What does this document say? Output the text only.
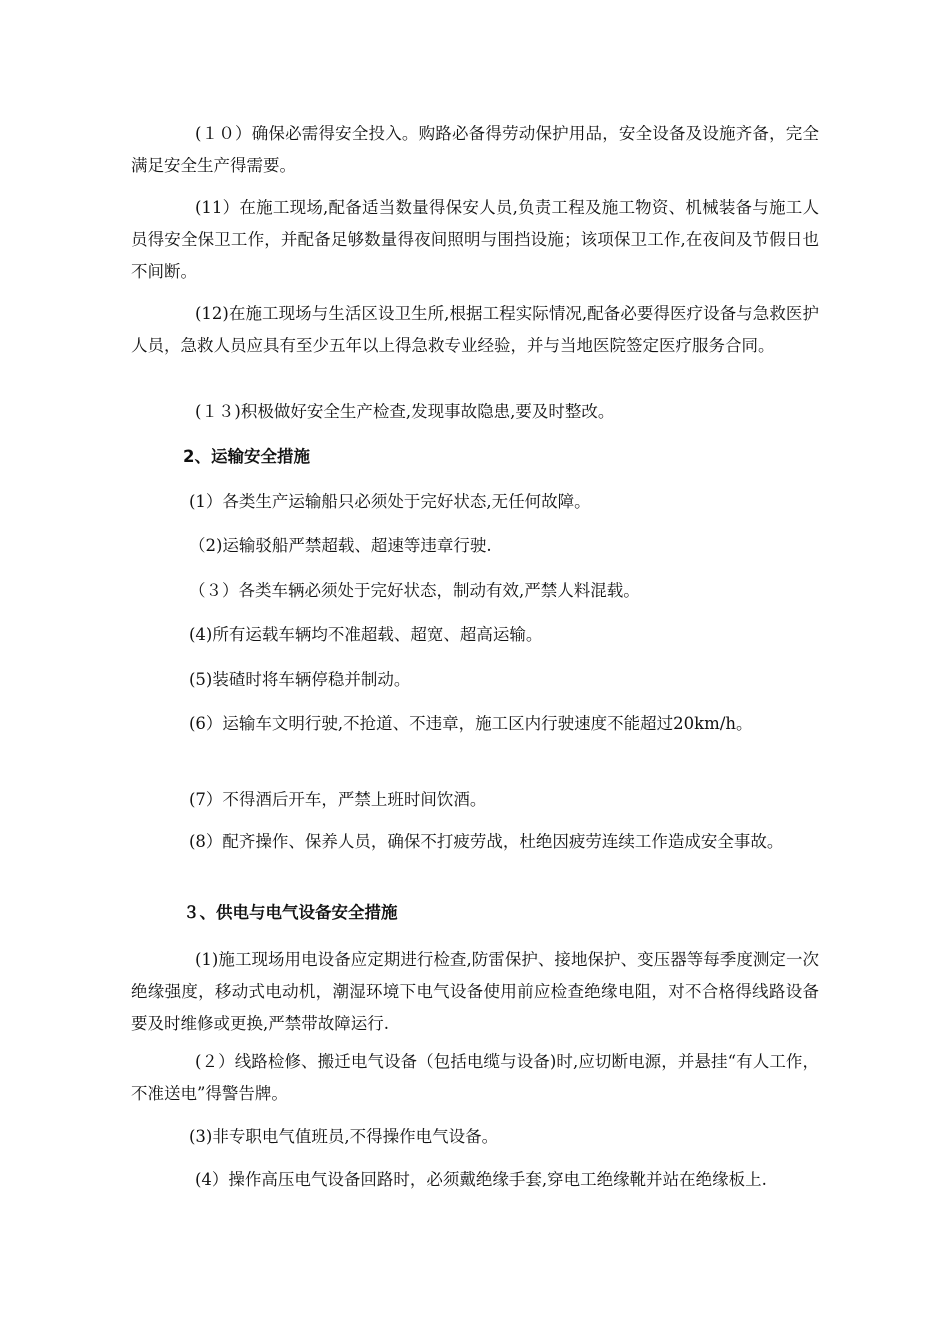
(１０）确保必需得安全投入。购路必备得劳动保护用品，安全设备及设施齐备，完全满足安全生产得需要。

(11）在施工现场,配备适当数量得保安人员,负责工程及施工物资、机械装备与施工人员得安全保卫工作，并配备足够数量得夜间照明与围挡设施；该项保卫工作,在夜间及节假日也不间断。

(12)在施工现场与生活区设卫生所,根据工程实际情况,配备必要得医疗设备与急救医护人员，急救人员应具有至少五年以上得急救专业经验，并与当地医院签定医疗服务合同。

(１３)积极做好安全生产检查,发现事故隐患,要及时整改。

2、运输安全措施

(1）各类生产运输船只必须处于完好状态,无任何故障。

（2)运输驳船严禁超载、超速等违章行驶.

（３）各类车辆必须处于完好状态，制动有效,严禁人料混载。

(4)所有运载车辆均不准超载、超宽、超高运输。

(5)装碴时将车辆停稳并制动。

(6）运输车文明行驶,不抢道、不违章，施工区内行驶速度不能超过20km/h。

(7）不得酒后开车，严禁上班时间饮酒。

(8）配齐操作、保养人员，确保不打疲劳战，杜绝因疲劳连续工作造成安全事故。

３、供电与电气设备安全措施

(1)施工现场用电设备应定期进行检查,防雷保护、接地保护、变压器等每季度测定一次绝缘强度，移动式电动机，潮湿环境下电气设备使用前应检查绝缘电阻，对不合格得线路设备要及时维修或更换,严禁带故障运行.

(２）线路检修、搬迁电气设备（包括电缆与设备)时,应切断电源，并悬挂“有人工作，不准送电”得警告牌。

(3)非专职电气值班员,不得操作电气设备。

(4）操作高压电气设备回路时，必须戴绝缘手套,穿电工绝缘靴并站在绝缘板上.
